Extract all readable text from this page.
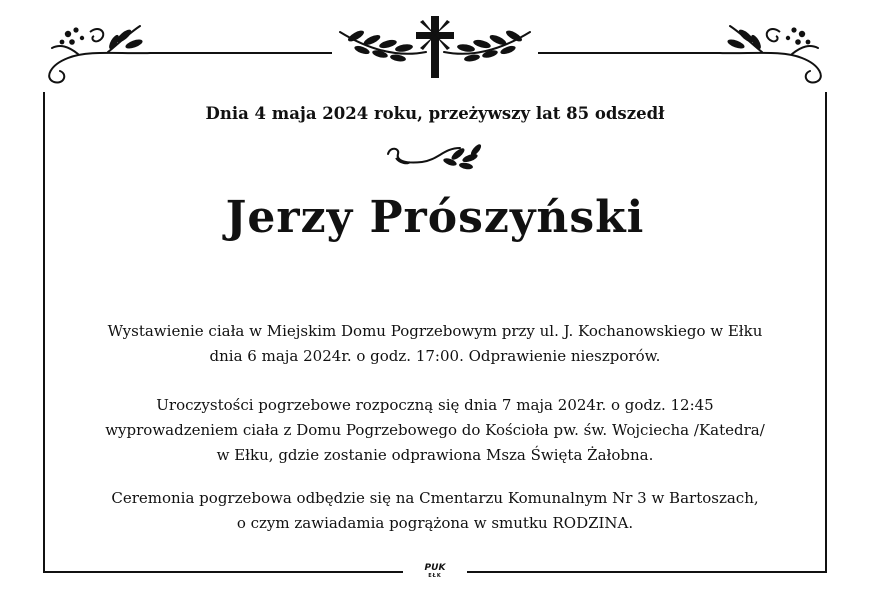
Dnia 4 maja 2024 roku, przeżywszy lat 85 odszedł
Jerzy Prószyński
Wystawienie ciała w Miejskim Domu Pogrzebowym przy ul. J. Kochanowskiego w Ełku
dnia 6 maja 2024r. o godz. 17:00. Odprawienie nieszporów.
Uroczystości pogrzebowe rozpoczną się dnia 7 maja 2024r. o godz. 12:45
wyprowadzeniem ciała z Domu Pogrzebowego do Kościoła pw. św. Wojciecha /Katedra/
w Ełku, gdzie zostanie odprawiona Msza Święta Żałobna.
Ceremonia pogrzebowa odbędzie się na Cmentarzu Komunalnym Nr 3 w Bartoszach,
o czym zawiadamia pogrążona w smutku RODZINA.
PUK
EŁK
